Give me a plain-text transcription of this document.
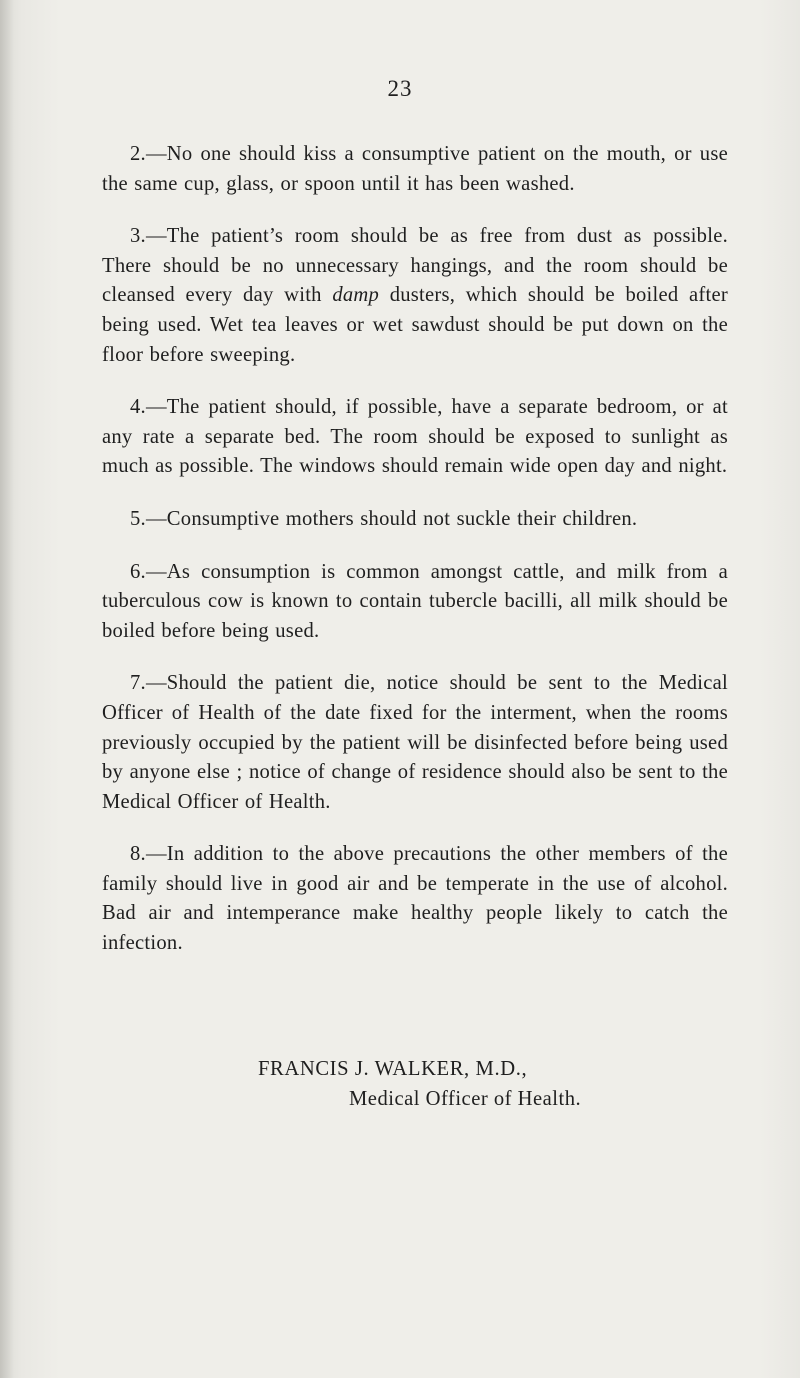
23

2.—No one should kiss a consumptive patient on the mouth, or use the same cup, glass, or spoon until it has been washed.

3.—The patient’s room should be as free from dust as possible. There should be no unnecessary hangings, and the room should be cleansed every day with damp dusters, which should be boiled after being used. Wet tea leaves or wet sawdust should be put down on the floor before sweeping.

4.—The patient should, if possible, have a separate bedroom, or at any rate a separate bed. The room should be exposed to sunlight as much as possible. The windows should remain wide open day and night.

5.—Consumptive mothers should not suckle their children.

6.—As consumption is common amongst cattle, and milk from a tuberculous cow is known to contain tubercle bacilli, all milk should be boiled before being used.

7.—Should the patient die, notice should be sent to the Medical Officer of Health of the date fixed for the interment, when the rooms previously occupied by the patient will be disinfected before being used by anyone else ; notice of change of residence should also be sent to the Medical Officer of Health.

8.—In addition to the above precautions the other members of the family should live in good air and be temperate in the use of alcohol. Bad air and intemperance make healthy people likely to catch the infection.

FRANCIS J. WALKER, M.D.,
Medical Officer of Health.
